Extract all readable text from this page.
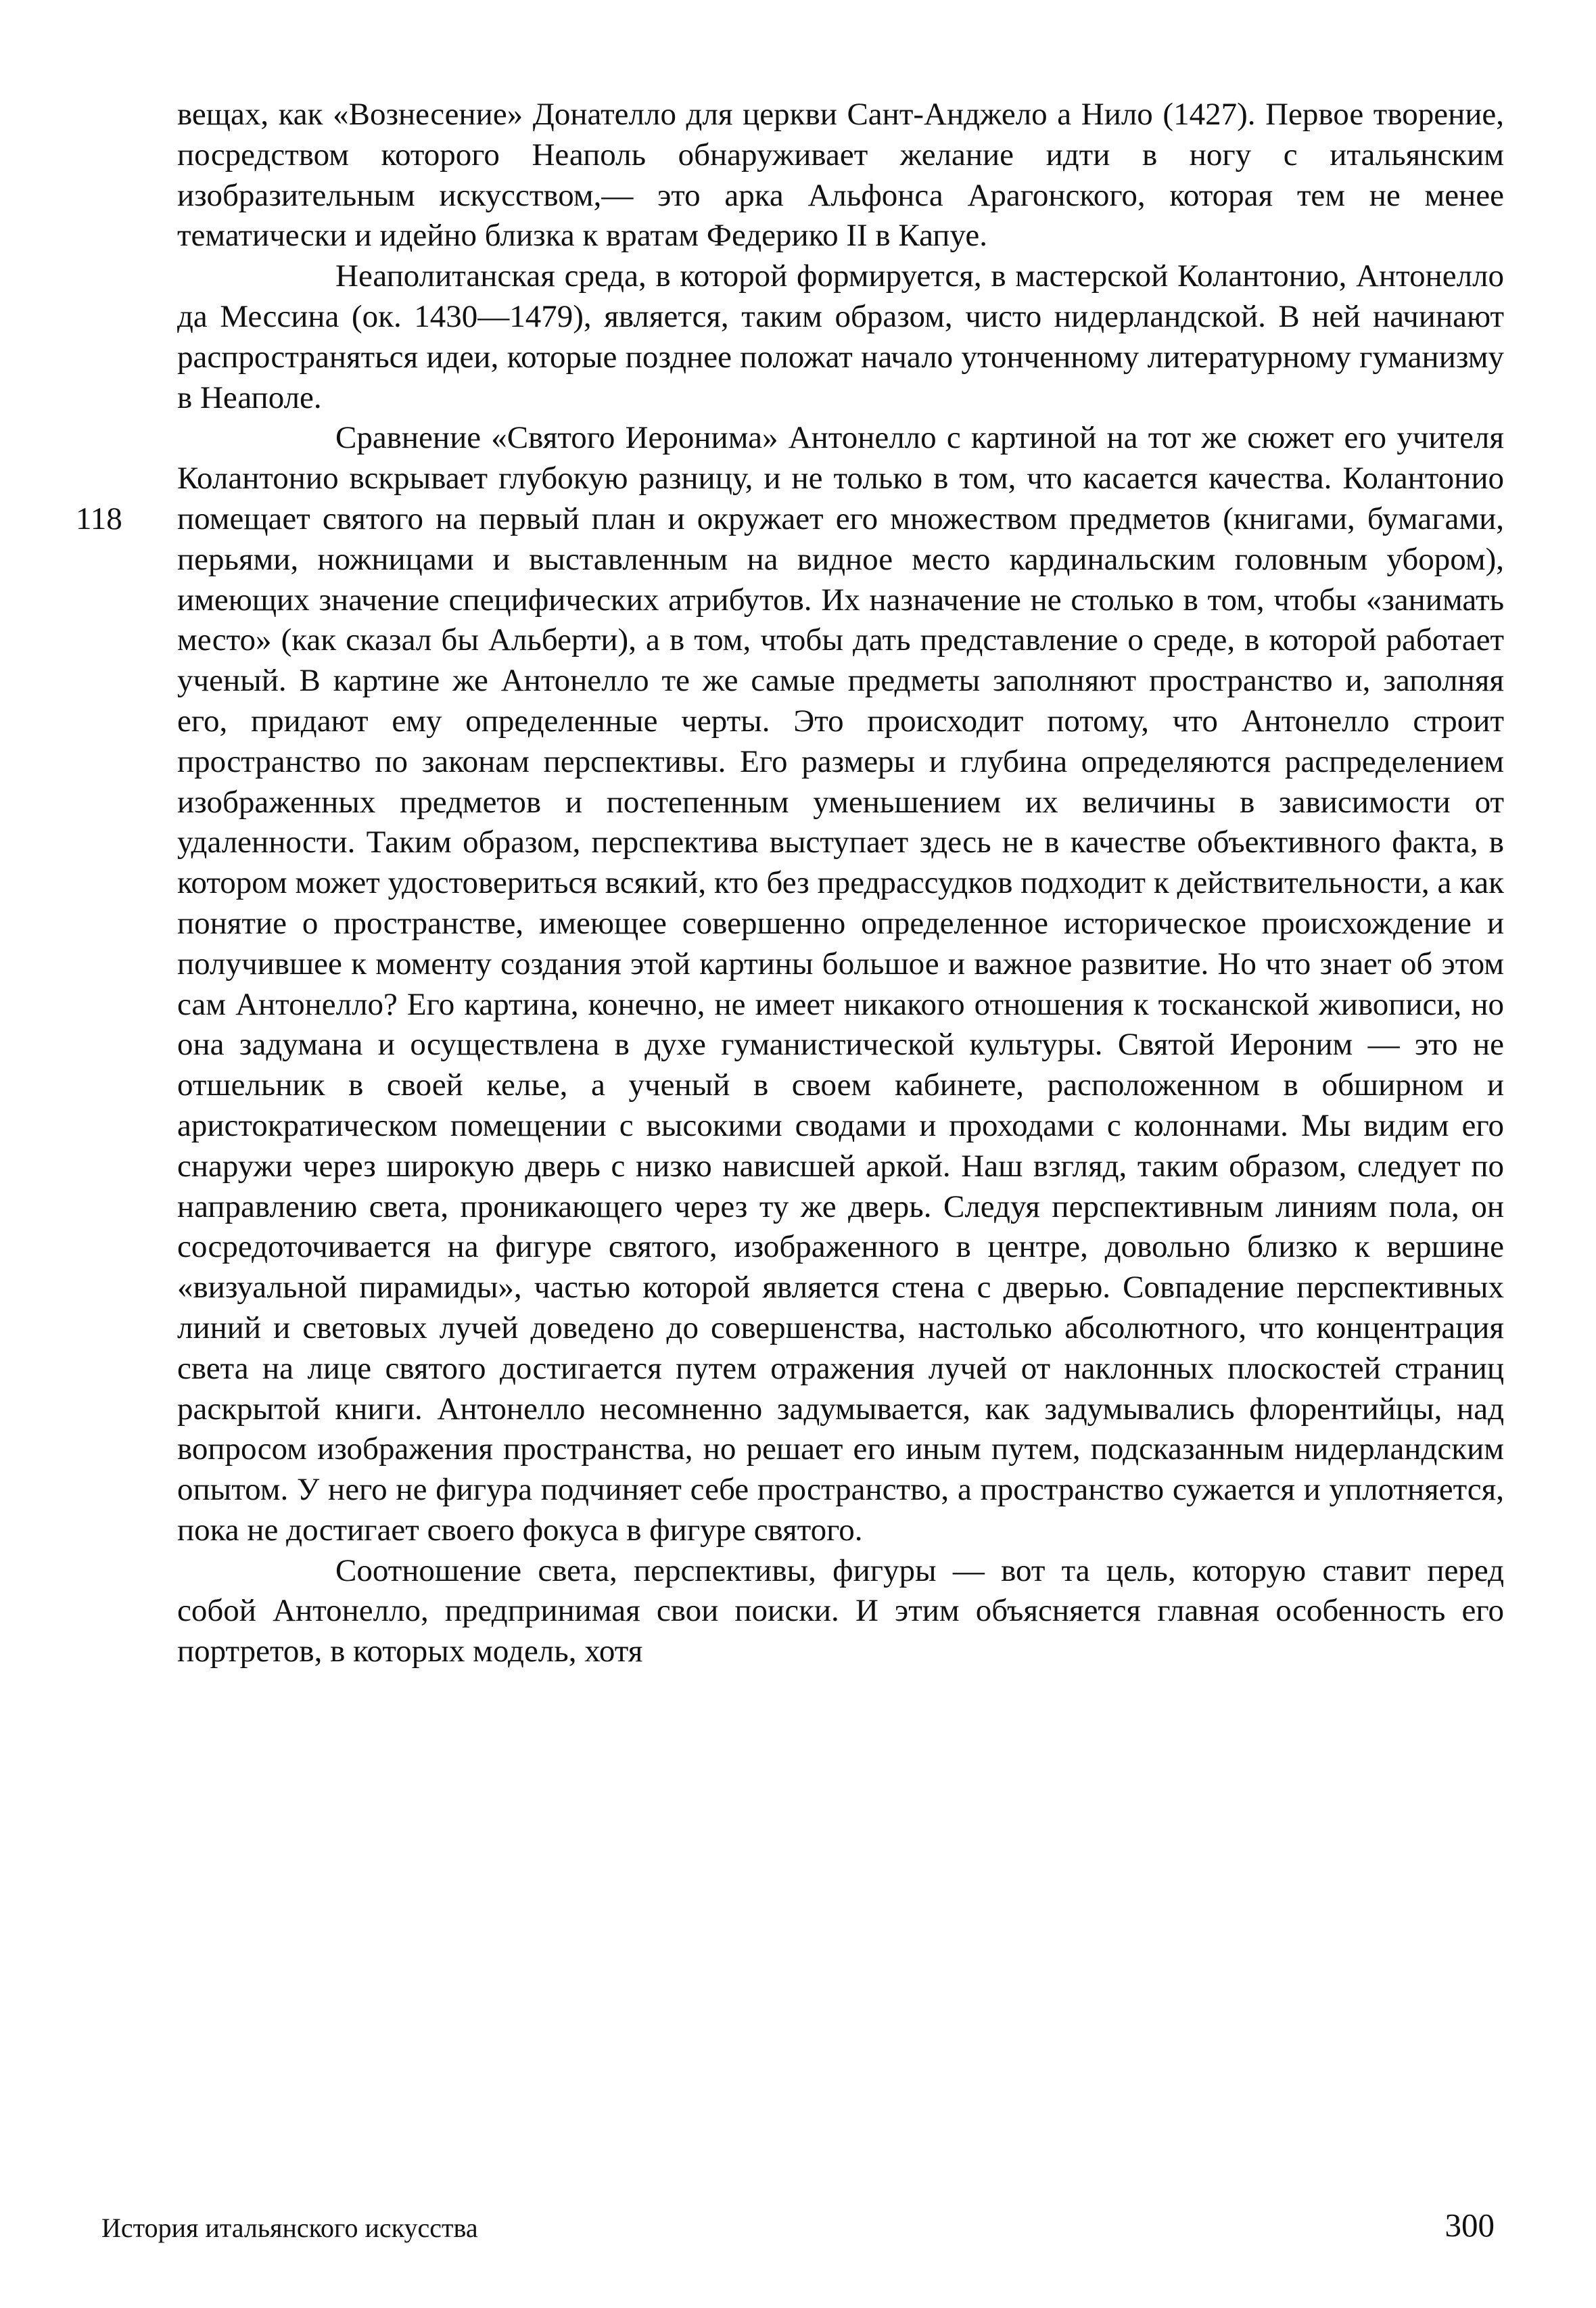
вещах, как «Вознесение» Донателло для церкви Сант-Анджело а Нило (1427). Первое творение, посредством которого Неаполь обнаруживает желание идти в ногу с итальянским изобразительным искусством,— это арка Альфонса Арагонского, которая тем не менее тематически и идейно близка к вратам Федерико II в Капуе.

Неаполитанская среда, в которой формируется, в мастерской Колантонио, Антонелло да Мессина (ок. 1430—1479), является, таким образом, чисто нидерландской. В ней начинают распространяться идеи, которые позднее положат начало утонченному литературному гуманизму в Неаполе.

Сравнение «Святого Иеронима» Антонелло с картиной на тот же сюжет его учителя Колантонио вскрывает глубокую разницу, и не только в том, что касается качества. Колантонио помещает святого на первый план и окружает его множеством предметов (книгами, бумагами, перьями, ножницами и выставленным на видное место кардинальским головным убором), имеющих значение специфических атрибутов. Их назначение не столько в том, чтобы «занимать место» (как сказал бы Альберти), а в том, чтобы дать представление о среде, в которой работает ученый. В картине же Антонелло те же самые предметы заполняют пространство и, заполняя его, придают ему определенные черты. Это происходит потому, что Антонелло строит пространство по законам перспективы. Его размеры и глубина определяются распределением изображенных предметов и постепенным уменьшением их величины в зависимости от удаленности. Таким образом, перспектива выступает здесь не в качестве объективного факта, в котором может удостовериться всякий, кто без предрассудков подходит к действительности, а как понятие о пространстве, имеющее совершенно определенное историческое происхождение и получившее к моменту создания этой картины большое и важное развитие. Но что знает об этом сам Антонелло? Его картина, конечно, не имеет никакого отношения к тосканской живописи, но она задумана и осуществлена в духе гуманистической культуры. Святой Иероним — это не отшельник в своей келье, а ученый в своем кабинете, расположенном в обширном и аристократическом помещении с высокими сводами и проходами с колоннами. Мы видим его снаружи через широкую дверь с низко нависшей аркой. Наш взгляд, таким образом, следует по направлению света, проникающего через ту же дверь. Следуя перспективным линиям пола, он сосредоточивается на фигуре святого, изображенного в центре, довольно близко к вершине «визуальной пирамиды», частью которой является стена с дверью. Совпадение перспективных линий и световых лучей доведено до совершенства, настолько абсолютного, что концентрация света на лице святого достигается путем отражения лучей от наклонных плоскостей страниц раскрытой книги. Антонелло несомненно задумывается, как задумывались флорентийцы, над вопросом изображения пространства, но решает его иным путем, подсказанным нидерландским опытом. У него не фигура подчиняет себе пространство, а пространство сужается и уплотняется, пока не достигает своего фокуса в фигуре святого.

Соотношение света, перспективы, фигуры — вот та цель, которую ставит перед собой Антонелло, предпринимая свои поиски. И этим объясняется главная особенность его портретов, в которых модель, хотя

118
История итальянского искусства	300
